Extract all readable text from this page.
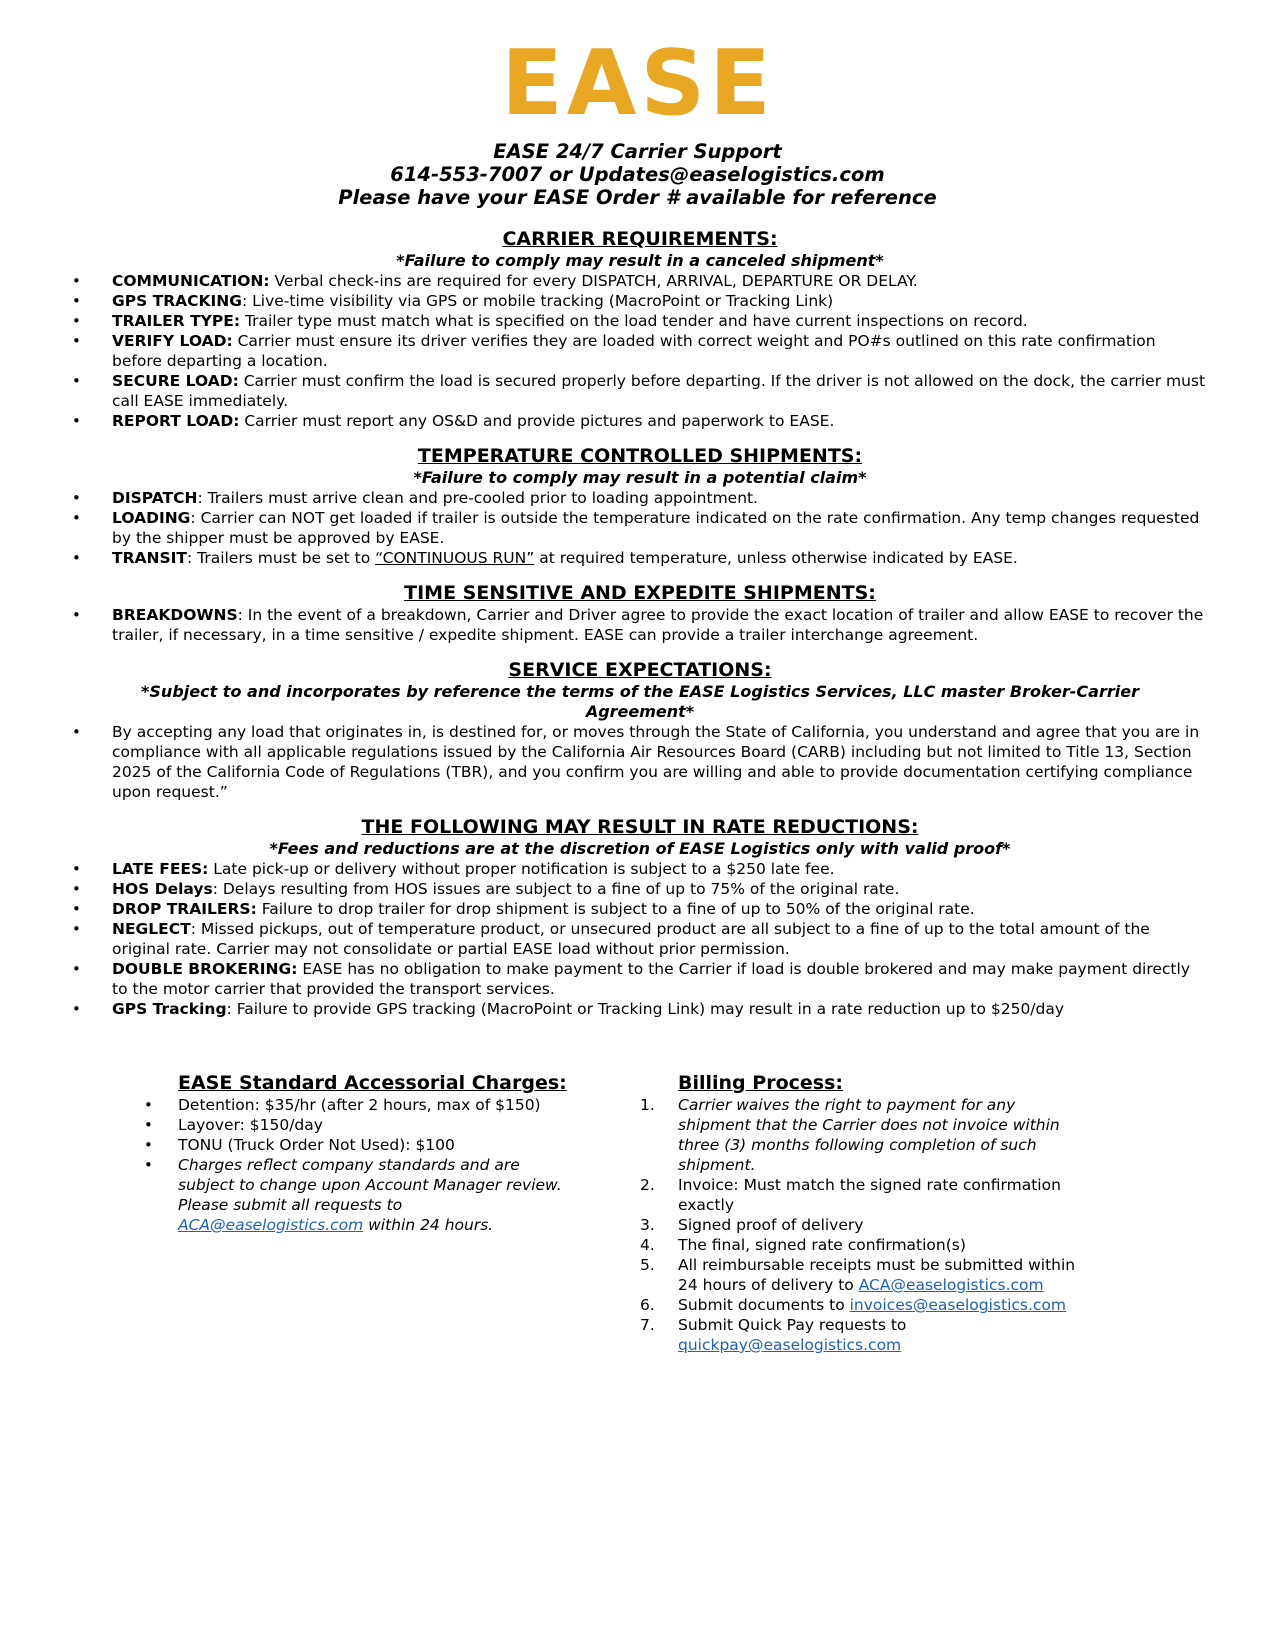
EASE
EASE 24/7 Carrier Support
614-553-7007 or Updates@easelogistics.com
Please have your EASE Order # available for reference
CARRIER REQUIREMENTS:
*Failure to comply may result in a canceled shipment*
• COMMUNICATION: Verbal check-ins are required for every DISPATCH, ARRIVAL, DEPARTURE OR DELAY.
• GPS TRACKING: Live-time visibility via GPS or mobile tracking (MacroPoint or Tracking Link)
• TRAILER TYPE: Trailer type must match what is specified on the load tender and have current inspections on record.
• VERIFY LOAD: Carrier must ensure its driver verifies they are loaded with correct weight and PO#s outlined on this rate confirmation before departing a location.
• SECURE LOAD: Carrier must confirm the load is secured properly before departing. If the driver is not allowed on the dock, the carrier must call EASE immediately.
• REPORT LOAD: Carrier must report any OS&D and provide pictures and paperwork to EASE.
TEMPERATURE CONTROLLED SHIPMENTS:
*Failure to comply may result in a potential claim*
• DISPATCH: Trailers must arrive clean and pre-cooled prior to loading appointment.
• LOADING: Carrier can NOT get loaded if trailer is outside the temperature indicated on the rate confirmation. Any temp changes requested by the shipper must be approved by EASE.
• TRANSIT: Trailers must be set to “CONTINUOUS RUN” at required temperature, unless otherwise indicated by EASE.
TIME SENSITIVE AND EXPEDITE SHIPMENTS:
• BREAKDOWNS: In the event of a breakdown, Carrier and Driver agree to provide the exact location of trailer and allow EASE to recover the trailer, if necessary, in a time sensitive / expedite shipment. EASE can provide a trailer interchange agreement.
SERVICE EXPECTATIONS:
*Subject to and incorporates by reference the terms of the EASE Logistics Services, LLC master Broker-Carrier Agreement*
• By accepting any load that originates in, is destined for, or moves through the State of California, you understand and agree that you are in compliance with all applicable regulations issued by the California Air Resources Board (CARB) including but not limited to Title 13, Section 2025 of the California Code of Regulations (TBR), and you confirm you are willing and able to provide documentation certifying compliance upon request.”
THE FOLLOWING MAY RESULT IN RATE REDUCTIONS:
*Fees and reductions are at the discretion of EASE Logistics only with valid proof*
• LATE FEES: Late pick-up or delivery without proper notification is subject to a $250 late fee.
• HOS Delays: Delays resulting from HOS issues are subject to a fine of up to 75% of the original rate.
• DROP TRAILERS: Failure to drop trailer for drop shipment is subject to a fine of up to 50% of the original rate.
• NEGLECT: Missed pickups, out of temperature product, or unsecured product are all subject to a fine of up to the total amount of the original rate. Carrier may not consolidate or partial EASE load without prior permission.
• DOUBLE BROKERING: EASE has no obligation to make payment to the Carrier if load is double brokered and may make payment directly to the motor carrier that provided the transport services.
• GPS Tracking: Failure to provide GPS tracking (MacroPoint or Tracking Link) may result in a rate reduction up to $250/day
EASE Standard Accessorial Charges:
• Detention: $35/hr (after 2 hours, max of $150)
• Layover: $150/day
• TONU (Truck Order Not Used): $100
• Charges reflect company standards and are subject to change upon Account Manager review. Please submit all requests to ACA@easelogistics.com within 24 hours.
Billing Process:
1. Carrier waives the right to payment for any shipment that the Carrier does not invoice within three (3) months following completion of such shipment.
2. Invoice: Must match the signed rate confirmation exactly
3. Signed proof of delivery
4. The final, signed rate confirmation(s)
5. All reimbursable receipts must be submitted within 24 hours of delivery to ACA@easelogistics.com
6. Submit documents to invoices@easelogistics.com
7. Submit Quick Pay requests to quickpay@easelogistics.com
